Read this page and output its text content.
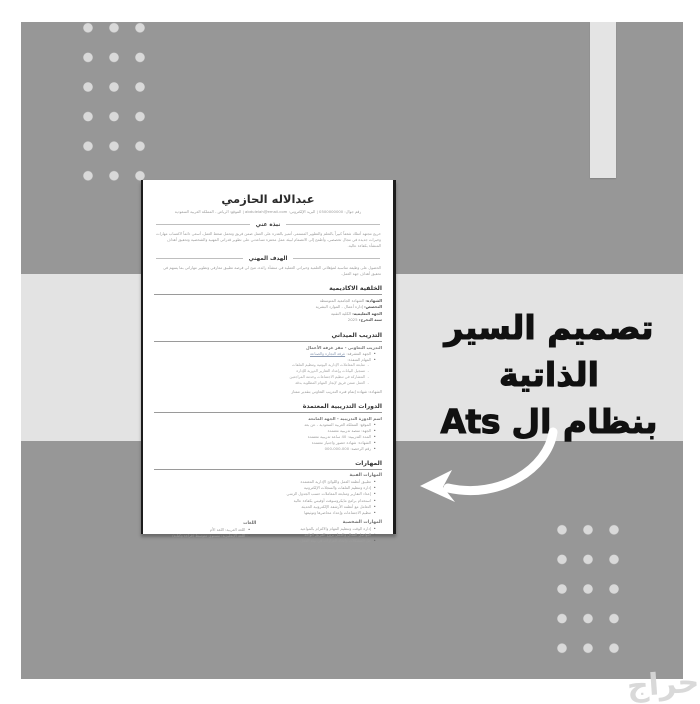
عبدالاله الحازمي
رقم جوال: 0500000000 | البريد الإلكتروني: abdulelah@email.com | الموقع: الرياض - المملكة العربية السعودية
نبذة عني

خريج مجتهد أمتلك شغفاً كبيراً بالتعلم والتطوير المستمر، أتميز بالقدرة على العمل ضمن فريق وتحمل ضغط العمل، أسعى دائماً لاكتساب مهارات وخبرات جديدة في مجال تخصصي، وأطمح إلى الانضمام لبيئة عمل محفزة تساعدني على تطوير قدراتي المهنية والشخصية وتحقيق أهداف المنشأة بكفاءة عالية.

الهدف المهني

الحصول على وظيفة مناسبة لمؤهلاتي العلمية وخبراتي العملية في منشأة رائدة، تتيح لي فرصة تطبيق معارفي وتطوير مهاراتي بما يسهم في تحقيق أهداف جهة العمل.

الخلفية الاكاديمية
الشهادة: الشهادة الجامعية المتوسطة
التخصص: إدارة أعمال - الموارد البشرية
الجهة التعليمية: الكلية التقنية
سنة التخرج: 2025
التدريب الميداني
التدريب التعاوني - مقر غرفة الأعمال
• الجهة المشرفة: غرفة التجارة والصناعة
• المهام المنفذة:
- متابعة المعاملات الإدارية اليومية وتنظيم الملفات
- تسجيل البيانات وإعداد التقارير الدورية للإدارة
- المشاركة في تنظيم الاجتماعات وخدمة المراجعين
- العمل ضمن فريق لإنجاز المهام المطلوبة بدقة
الشهادة: شهادة إتمام فترة التدريب التعاوني بتقدير ممتاز
الدورات التدريبية المعتمدة
اسم الدورة التدريبية - الجهة المانحة
• الموقع: المملكة العربية السعودية - عن بعد
• الجهة: منصة تدريبية معتمدة
• المدة التدريبية: 40 ساعة تدريبية معتمدة
• الشهادة: شهادة حضور واجتياز معتمدة
• رقم الرخصة: 000-000-000
المهارات
المهارات الفنية
• تطبيق أنظمة العمل واللوائح الإدارية المعتمدة
• إدارة وتنظيم الملفات والسجلات الإلكترونية
• إعداد التقارير ومتابعة المعاملات حسب الجدول الزمني
• استخدام برامج مايكروسوفت أوفيس بكفاءة عالية
• التعامل مع أنظمة الأرشفة الإلكترونية الحديثة
• تنظيم الاجتماعات وإعداد محاضرها وتوثيقها
المهارات الشخصية
• إدارة الوقت وتنظيم المهام والالتزام بالمواعيد
• التواصل الفعال والعمل بروح الفريق الواحد
• حل المشكلات واتخاذ القرارات في بيئة العمل
اللغات
• اللغة العربية: اللغة الأم
• اللغة الإنجليزية: مستوى متوسط (قراءة وكتابة)
تصميم السير الذاتية
بنظام ال Ats
حراج
